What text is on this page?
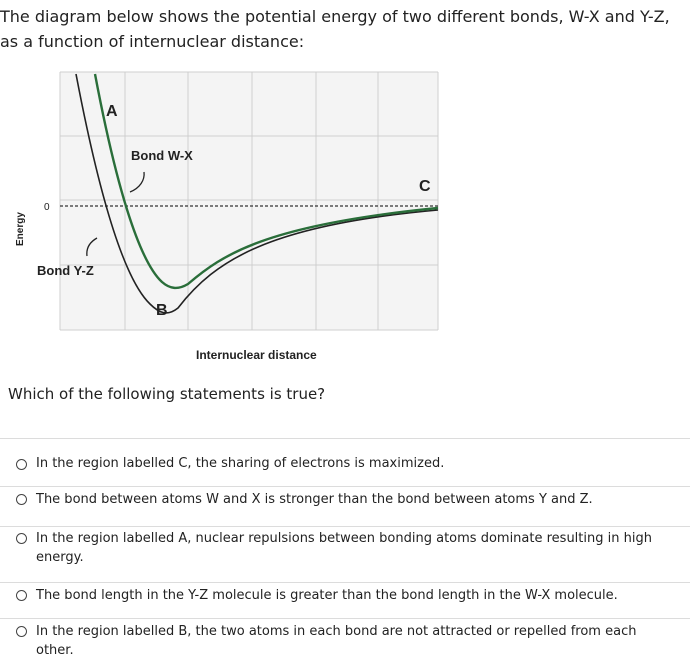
The diagram below shows the potential energy of two different bonds, W-X and Y-Z, as a function of internuclear distance:
A
Bond W-X
C
0
Bond Y-Z
B
Energy
Internuclear distance
Which of the following statements is true?
In the region labelled C, the sharing of electrons is maximized.
The bond between atoms W and X is stronger than the bond between atoms Y and Z.
In the region labelled A, nuclear repulsions between bonding atoms dominate resulting in high energy.
The bond length in the Y-Z molecule is greater than the bond length in the W-X molecule.
In the region labelled B, the two atoms in each bond are not attracted or repelled from each other.
